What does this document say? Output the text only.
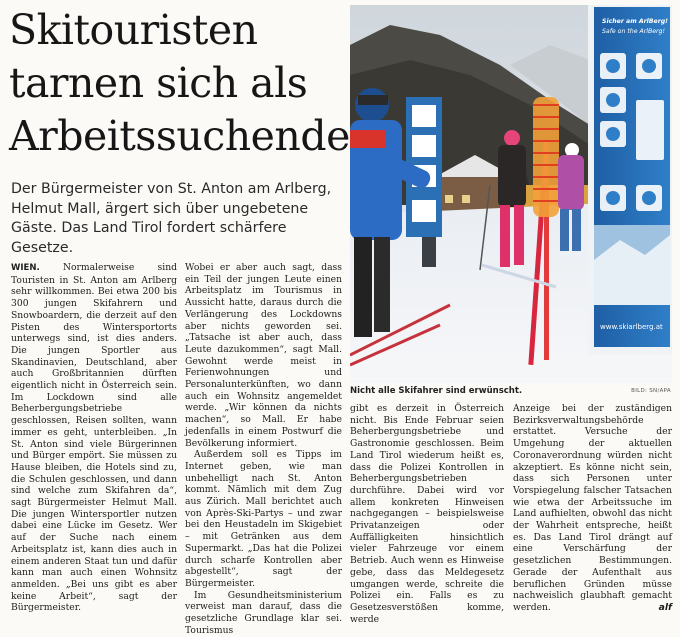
Skitouristen tarnen sich als Arbeitssuchende

Der Bürgermeister von St. Anton am Arlberg, Helmut Mall, ärgert sich über ungebetene Gäste. Das Land Tirol fordert schärfere Gesetze.

Sicher am ArlBerg!
Safe on the ArlBerg!
www.skiarlberg.at
Nicht alle Skifahrer sind erwünscht.	BILD: SN/APA

WIEN.	Normalerweise sind Touristen in St. Anton am Arlberg sehr willkommen. Bei etwa 200 bis 300 jungen Skifahrern und Snowboardern, die derzeit auf den Pisten des Wintersportorts unterwegs sind, ist dies anders. Die jungen Sportler aus Skandinavien, Deutschland, aber auch Großbritannien dürften eigentlich nicht in Österreich sein. Im Lockdown sind alle Beherbergungsbetriebe geschlossen, Reisen sollten, wann immer es geht, unterbleiben. „In St. Anton sind viele Bürgerinnen und Bürger empört. Sie müssen zu Hause bleiben, die Hotels sind zu, die Schulen geschlossen, und dann sind welche zum Skifahren da“, sagt Bürgermeister Helmut Mall. Die jungen Wintersportler nutzen dabei eine Lücke im Gesetz. Wer auf der Suche nach einem Arbeitsplatz ist, kann dies auch in einem anderen Staat tun und dafür kann man auch einen Wohnsitz anmelden. „Bei uns gibt es aber keine Arbeit“, sagt der Bürgermeister.

Wobei er aber auch sagt, dass ein Teil der jungen Leute einen Arbeitsplatz im Tourismus in Aussicht hatte, daraus durch die Verlängerung des Lockdowns aber nichts geworden sei. „Tatsache ist aber auch, dass Leute dazukommen“, sagt Mall. Gewohnt werde meist in Ferienwohnungen und Personalunterkünften, wo dann auch ein Wohnsitz angemeldet werde. „Wir können da nichts machen“, so Mall. Er habe jedenfalls in einem Postwurf die Bevölkerung informiert.

Außerdem soll es Tipps im Internet geben, wie man unbehelligt nach St. Anton kommt. Nämlich mit dem Zug aus Zürich. Mall berichtet auch von Après-Ski-Partys – und zwar bei den Heustadeln im Skigebiet – mit Getränken aus dem Supermarkt. „Das hat die Polizei durch scharfe Kontrollen aber abgestellt“, sagt der Bürgermeister.

Im Gesundheitsministerium verweist man darauf, dass die gesetzliche Grundlage klar sei. Tourismus

gibt es derzeit in Österreich nicht. Bis Ende Februar seien Beherbergungsbetriebe und Gastronomie geschlossen. Beim Land Tirol wiederum heißt es, dass die Polizei Kontrollen in Beherbergungsbetrieben durchführe. Dabei wird vor allem konkreten Hinweisen nachgegangen – beispielsweise Privatanzeigen oder Auffälligkeiten hinsichtlich vieler Fahrzeuge vor einem Betrieb. Auch wenn es Hinweise gebe, dass das Meldegesetz umgangen werde, schreite die Polizei ein. Falls es zu Gesetzesverstößen komme, werde

Anzeige bei der zuständigen Bezirksverwaltungsbehörde erstattet. Versuche der Umgehung der aktuellen Coronaverordnung würden nicht akzeptiert. Es könne nicht sein, dass sich Personen unter Vorspiegelung falscher Tatsachen wie etwa der Arbeitssuche im Land aufhielten, obwohl das nicht der Wahrheit entspreche, heißt es. Das Land Tirol drängt auf eine Verschärfung der gesetzlichen Bestimmungen. Gerade der Aufenthalt aus beruflichen Gründen müsse nachweislich glaubhaft gemacht werden.	alf
